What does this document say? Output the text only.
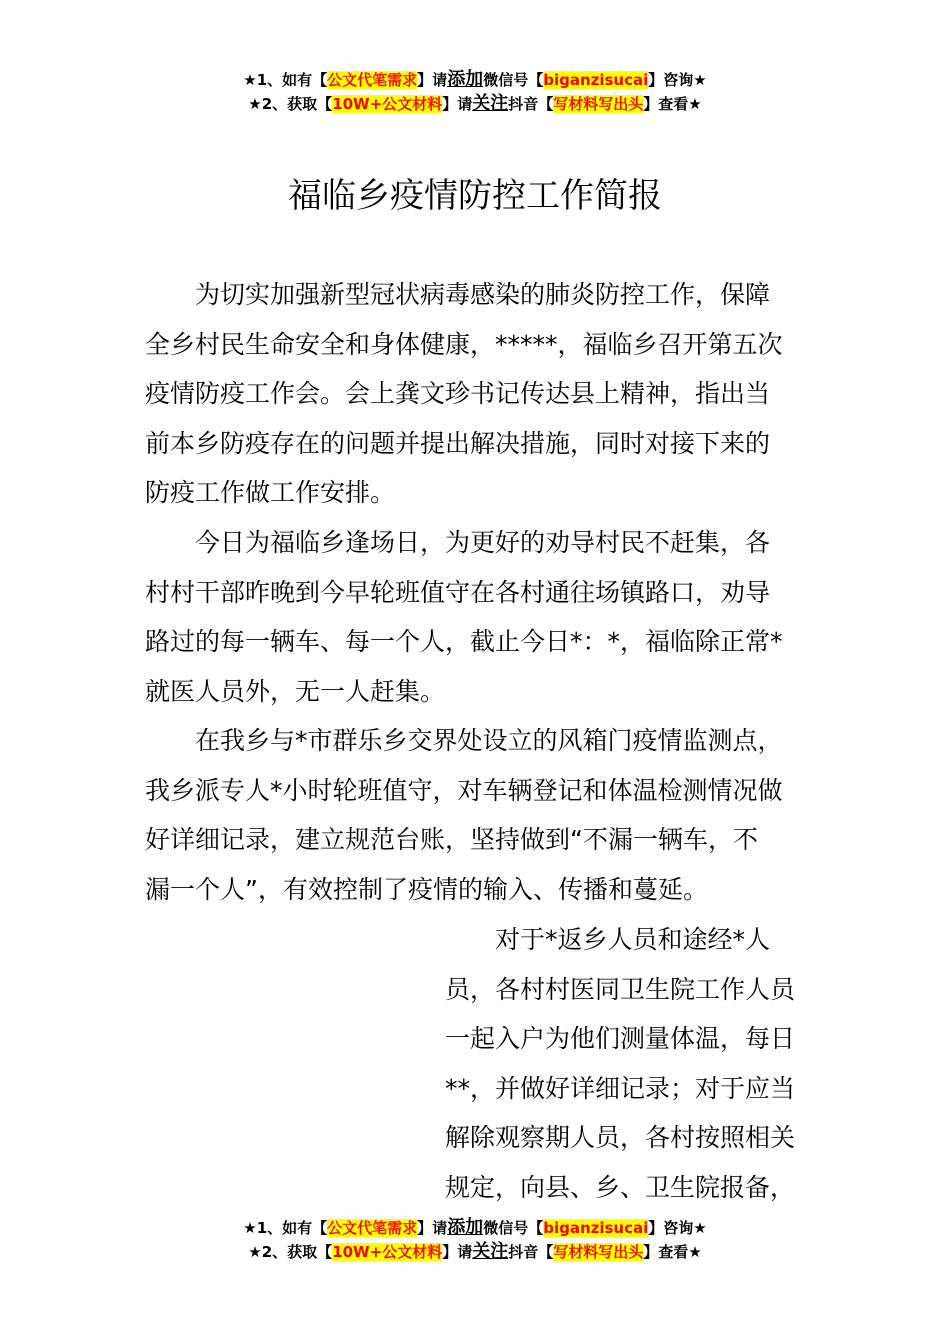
★1、如有【公文代笔需求】请添加微信号【biganzisucai】咨询★
★2、获取【10W+公文材料】请关注抖音【写材料写出头】查看★
福临乡疫情防控工作简报
为切实加强新型冠状病毒感染的肺炎防控工作，保障
全乡村民生命安全和身体健康，*****，福临乡召开第五次
疫情防疫工作会。会上龚文珍书记传达县上精神，指出当
前本乡防疫存在的问题并提出解决措施，同时对接下来的
防疫工作做工作安排。
今日为福临乡逢场日，为更好的劝导村民不赶集，各
村村干部昨晚到今早轮班值守在各村通往场镇路口，劝导
路过的每一辆车、每一个人，截止今日*：*，福临除正常*
就医人员外，无一人赶集。
在我乡与*市群乐乡交界处设立的风箱门疫情监测点，
我乡派专人*小时轮班值守，对车辆登记和体温检测情况做
好详细记录，建立规范台账，坚持做到“不漏一辆车，不
漏一个人”，有效控制了疫情的输入、传播和蔓延。
对于*返乡人员和途经*人
员，各村村医同卫生院工作人员
一起入户为他们测量体温，每日
**，并做好详细记录；对于应当
解除观察期人员，各村按照相关
规定，向县、乡、卫生院报备，
★1、如有【公文代笔需求】请添加微信号【biganzisucai】咨询★
★2、获取【10W+公文材料】请关注抖音【写材料写出头】查看★
